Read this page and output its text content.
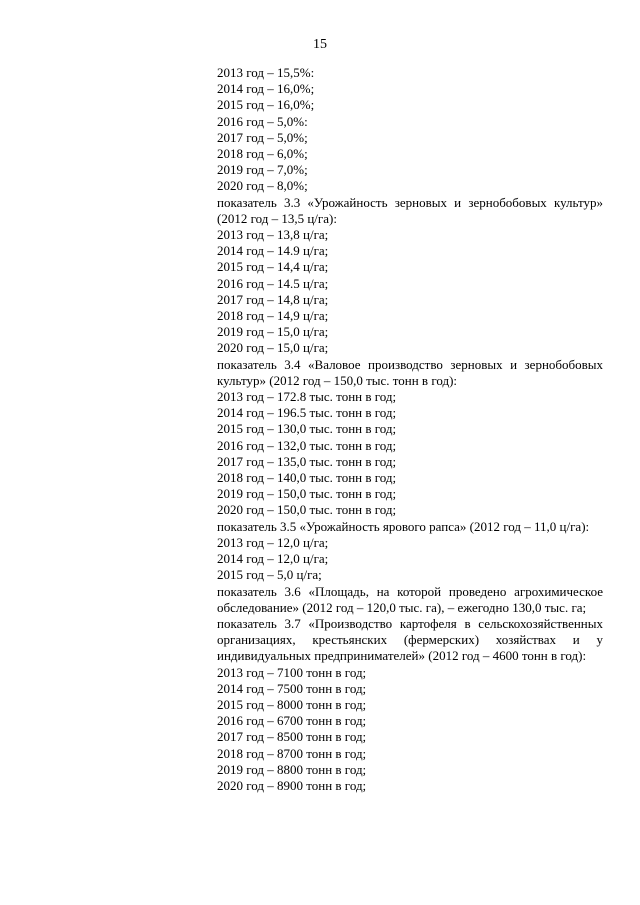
15
2013 год – 15,5%:
2014 год – 16,0%;
2015 год – 16,0%;
2016 год – 5,0%:
2017 год – 5,0%;
2018 год – 6,0%;
2019 год – 7,0%;
2020 год – 8,0%;
показатель 3.3 «Урожайность зерновых и зернобобовых культур» (2012 год – 13,5 ц/га):
2013 год – 13,8 ц/га;
2014 год – 14.9 ц/га;
2015 год – 14,4 ц/га;
2016 год – 14.5 ц/га;
2017 год – 14,8 ц/га;
2018 год – 14,9 ц/га;
2019 год – 15,0 ц/га;
2020 год – 15,0 ц/га;
показатель 3.4 «Валовое производство зерновых и зернобобовых культур» (2012 год – 150,0 тыс. тонн в год):
2013 год – 172.8 тыс. тонн в год;
2014 год – 196.5 тыс. тонн в год;
2015 год – 130,0 тыс. тонн в год;
2016 год – 132,0 тыс. тонн в год;
2017 год – 135,0 тыс. тонн в год;
2018 год – 140,0 тыс. тонн в год;
2019 год – 150,0 тыс. тонн в год;
2020 год – 150,0 тыс. тонн в год;
показатель 3.5 «Урожайность ярового рапса» (2012 год – 11,0 ц/га):
2013 год – 12,0 ц/га;
2014 год – 12,0 ц/га;
2015 год – 5,0 ц/га;
показатель 3.6 «Площадь, на которой проведено агрохимическое обследование» (2012 год – 120,0 тыс. га), – ежегодно 130,0 тыс. га;
показатель 3.7 «Производство картофеля в сельскохозяйственных организациях, крестьянских (фермерских) хозяйствах и у индивидуальных предпринимателей» (2012 год – 4600 тонн в год):
2013 год – 7100 тонн в год;
2014 год – 7500 тонн в год;
2015 год – 8000 тонн в год;
2016 год – 6700 тонн в год;
2017 год – 8500 тонн в год;
2018 год – 8700 тонн в год;
2019 год – 8800 тонн в год;
2020 год – 8900 тонн в год;
